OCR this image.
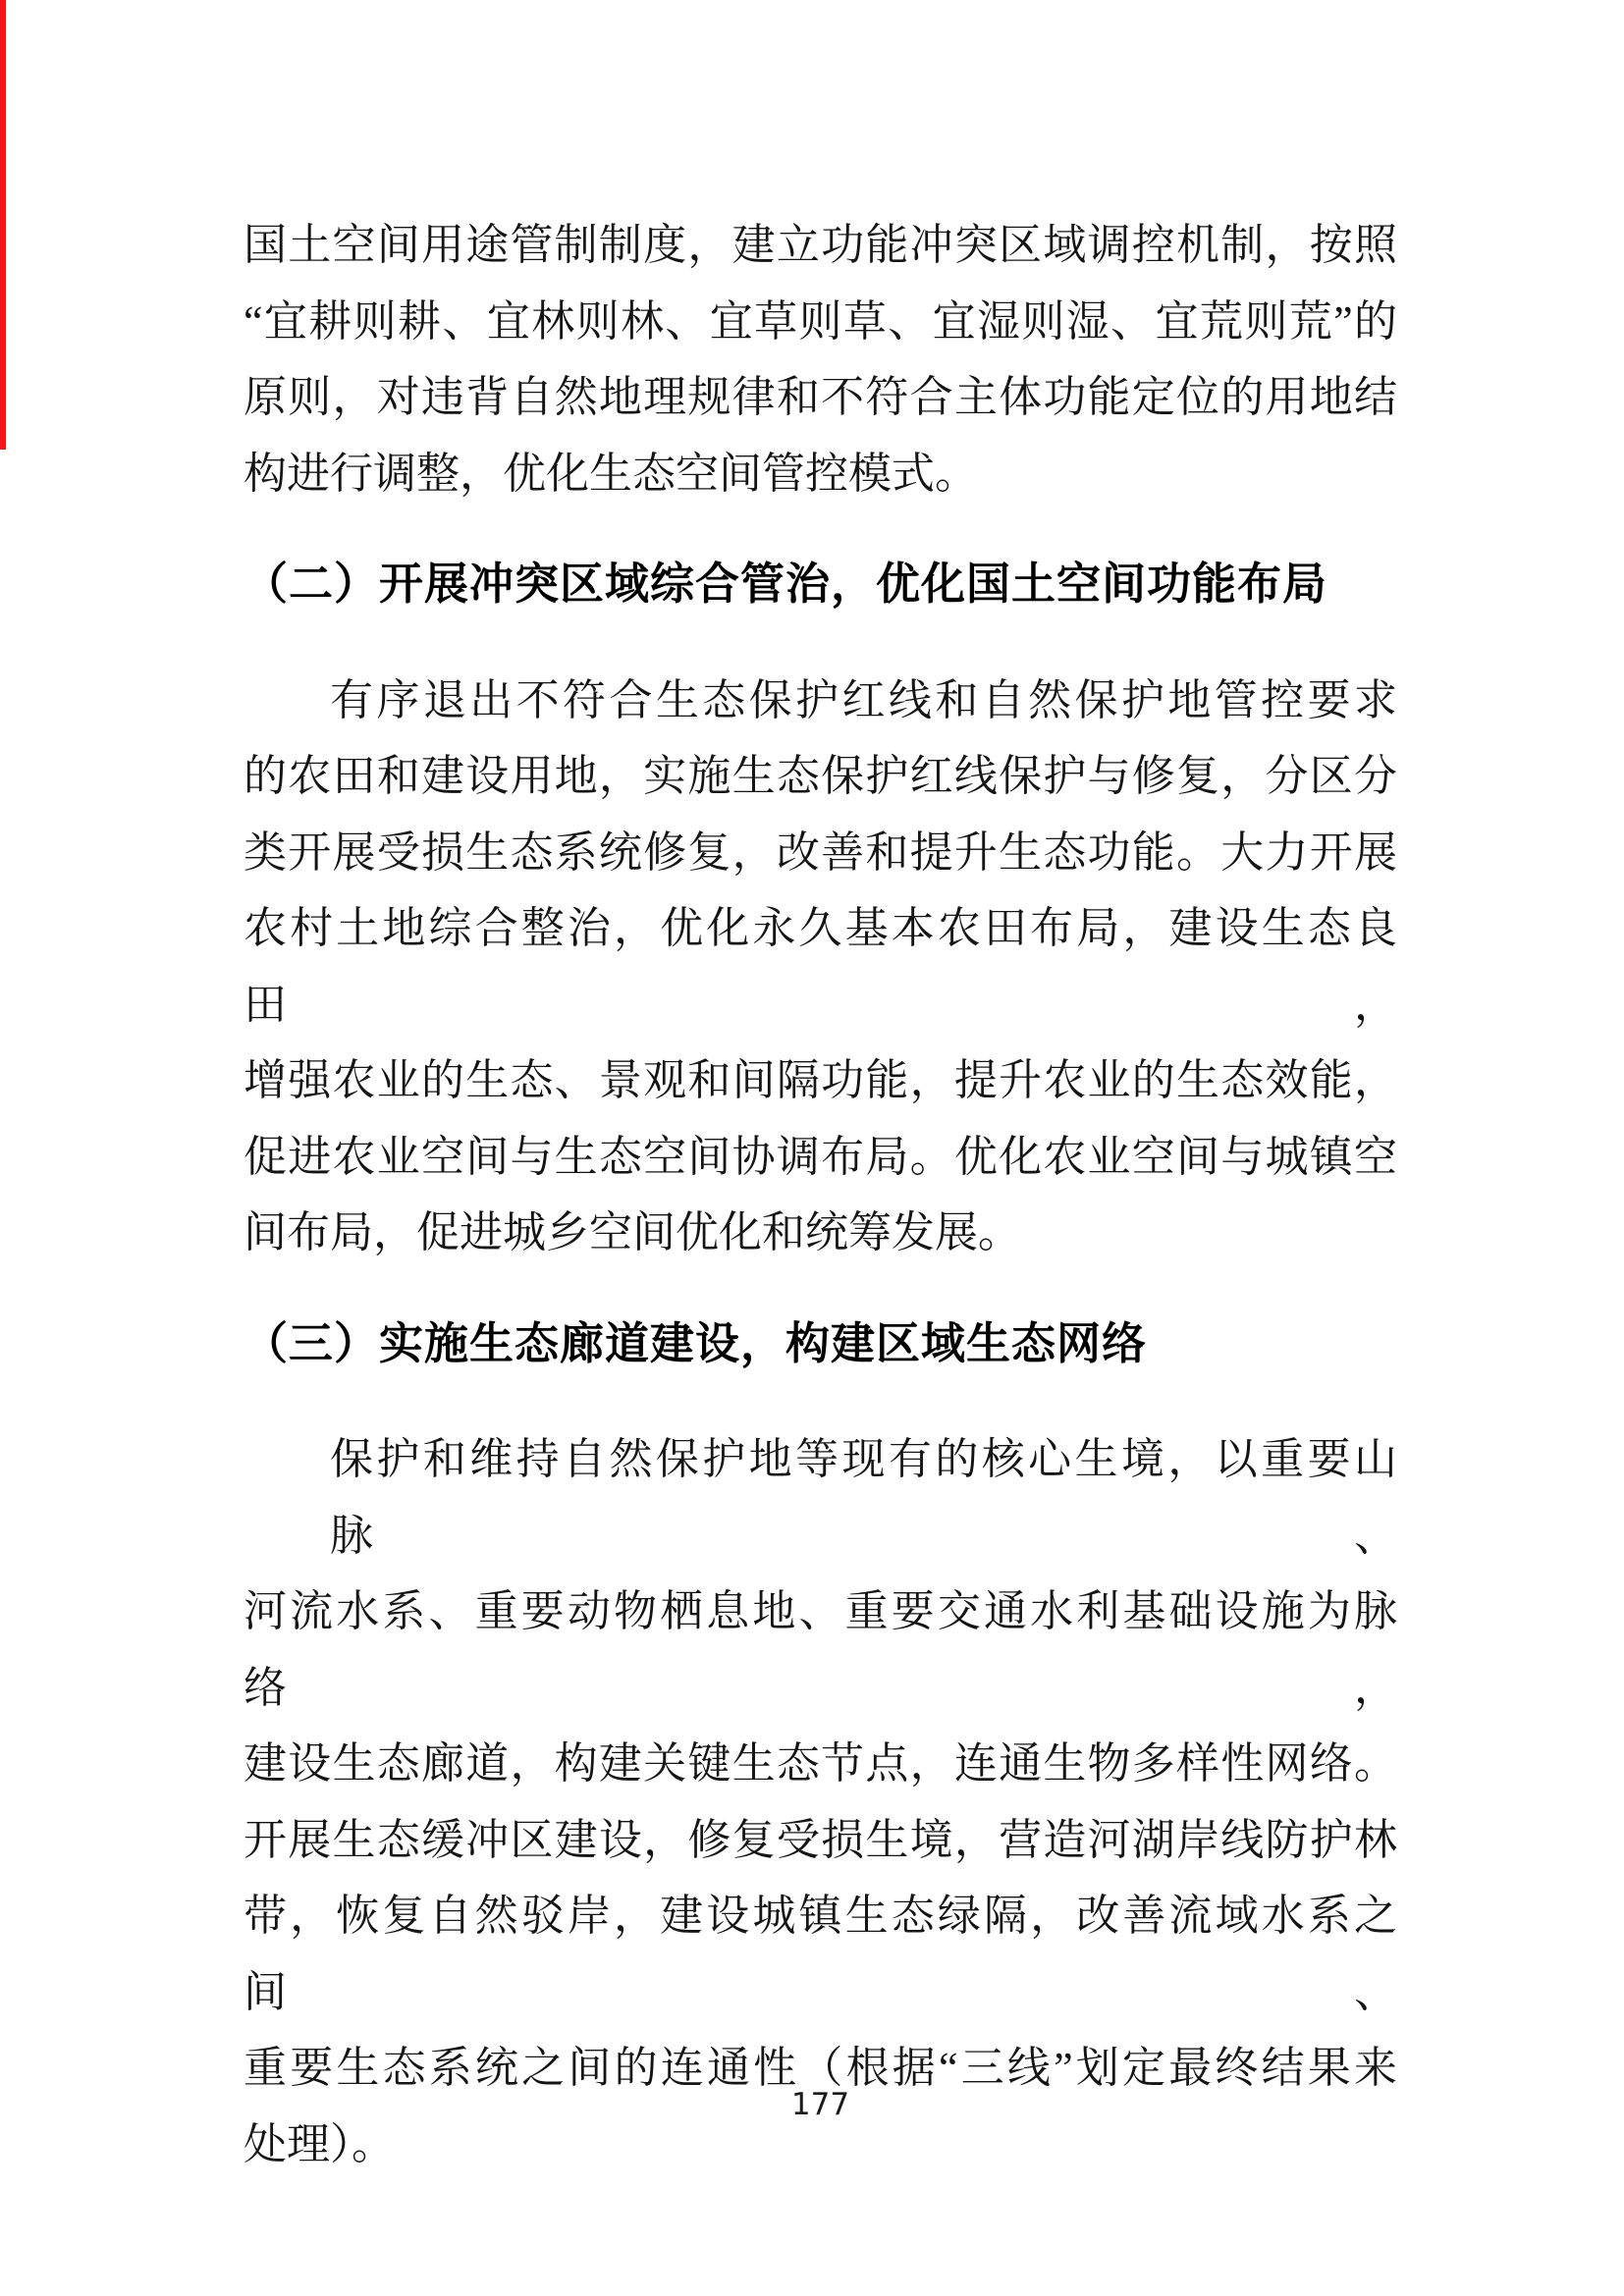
国土空间用途管制制度，建立功能冲突区域调控机制，按照
“宜耕则耕、宜林则林、宜草则草、宜湿则湿、宜荒则荒”的
原则，对违背自然地理规律和不符合主体功能定位的用地结
构进行调整，优化生态空间管控模式。
（二）开展冲突区域综合管治，优化国土空间功能布局
有序退出不符合生态保护红线和自然保护地管控要求
的农田和建设用地，实施生态保护红线保护与修复，分区分
类开展受损生态系统修复，改善和提升生态功能。大力开展
农村土地综合整治，优化永久基本农田布局，建设生态良田，
增强农业的生态、景观和间隔功能，提升农业的生态效能，
促进农业空间与生态空间协调布局。优化农业空间与城镇空
间布局，促进城乡空间优化和统筹发展。
（三）实施生态廊道建设，构建区域生态网络
保护和维持自然保护地等现有的核心生境，以重要山脉、
河流水系、重要动物栖息地、重要交通水利基础设施为脉络，
建设生态廊道，构建关键生态节点，连通生物多样性网络。
开展生态缓冲区建设，修复受损生境，营造河湖岸线防护林
带，恢复自然驳岸，建设城镇生态绿隔，改善流域水系之间、
重要生态系统之间的连通性（根据“三线”划定最终结果来
处理）。
177
